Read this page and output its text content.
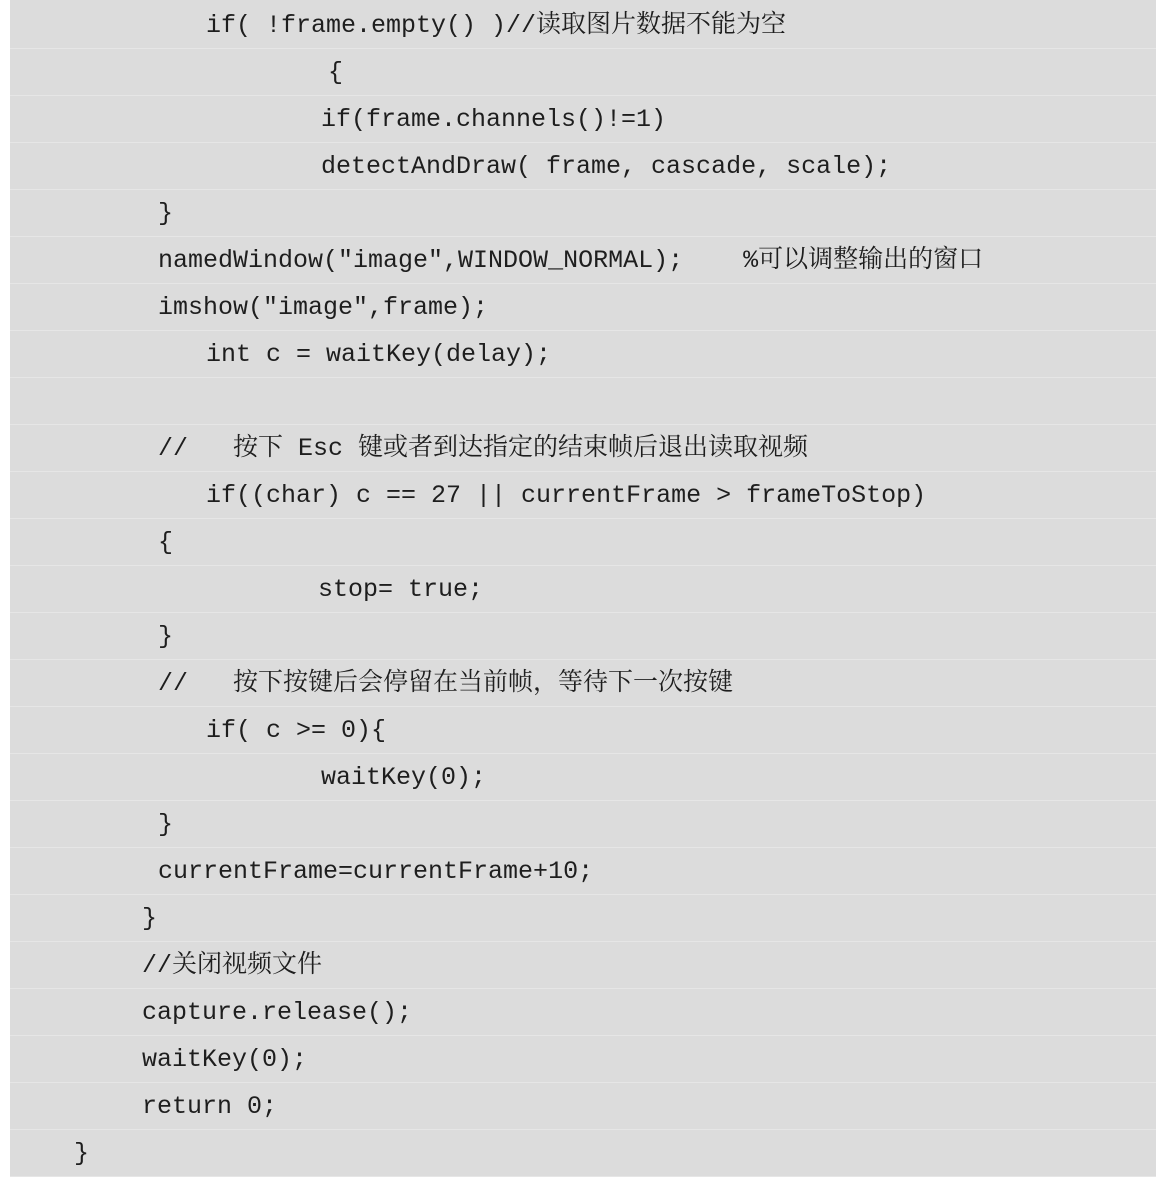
if( !frame.empty() )//读取图片数据不能为空
{
if(frame.channels()!=1)
detectAndDraw( frame, cascade, scale);
}
namedWindow("image",WINDOW_NORMAL);    %可以调整输出的窗口
imshow("image",frame);
int c = waitKey(delay);
//   按下 Esc 键或者到达指定的结束帧后退出读取视频
if((char) c == 27 || currentFrame > frameToStop)
{
stop= true;
}
//   按下按键后会停留在当前帧，等待下一次按键
if( c >= 0){
waitKey(0);
}
currentFrame=currentFrame+10;
}
//关闭视频文件
capture.release();
waitKey(0);
return 0;
}
